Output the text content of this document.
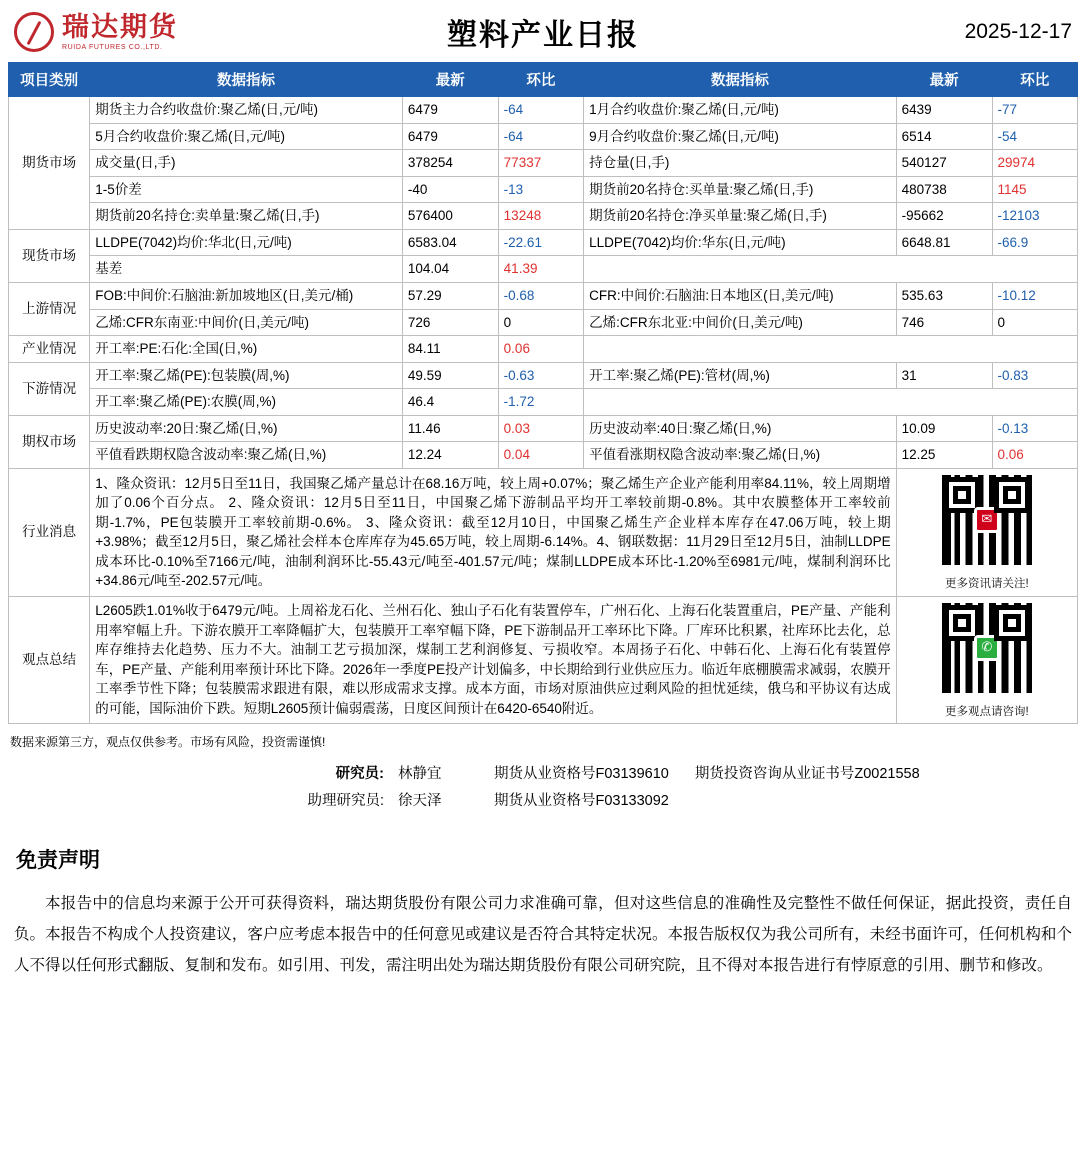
瑞达期货
RUIDA FUTURES CO.,LTD.	塑料产业日报	2025-12-17
项目类别	数据指标	最新	环比	数据指标	最新	环比
期货市场	期货主力合约收盘价:聚乙烯(日,元/吨)	6479	-64	1月合约收盘价:聚乙烯(日,元/吨)	6439	-77
	5月合约收盘价:聚乙烯(日,元/吨)	6479	-64	9月合约收盘价:聚乙烯(日,元/吨)	6514	-54
	成交量(日,手)	378254	77337	持仓量(日,手)	540127	29974
	1-5价差	-40	-13	期货前20名持仓:买单量:聚乙烯(日,手)	480738	1145
	期货前20名持仓:卖单量:聚乙烯(日,手)	576400	13248	期货前20名持仓:净买单量:聚乙烯(日,手)	-95662	-12103
现货市场	LLDPE(7042)均价:华北(日,元/吨)	6583.04	-22.61	LLDPE(7042)均价:华东(日,元/吨)	6648.81	-66.9
	基差	104.04	41.39			
上游情况	FOB:中间价:石脑油:新加坡地区(日,美元/桶)	57.29	-0.68	CFR:中间价:石脑油:日本地区(日,美元/吨)	535.63	-10.12
	乙烯:CFR东南亚:中间价(日,美元/吨)	726	0	乙烯:CFR东北亚:中间价(日,美元/吨)	746	0
产业情况	开工率:PE:石化:全国(日,%)	84.11	0.06			
下游情况	开工率:聚乙烯(PE):包装膜(周,%)	49.59	-0.63	开工率:聚乙烯(PE):管材(周,%)	31	-0.83
	开工率:聚乙烯(PE):农膜(周,%)	46.4	-1.72			
期权市场	历史波动率:20日:聚乙烯(日,%)	11.46	0.03	历史波动率:40日:聚乙烯(日,%)	10.09	-0.13
	平值看跌期权隐含波动率:聚乙烯(日,%)	12.24	0.04	平值看涨期权隐含波动率:聚乙烯(日,%)	12.25	0.06
行业消息	1、隆众资讯：12月5日至11日，我国聚乙烯产量总计在68.16万吨，较上周+0.07%；聚乙烯生产企业产能利用率84.11%，较上周期增加了0.06个百分点。 2、隆众资讯：12月5日至11日，中国聚乙烯下游制品平均开工率较前期-0.8%。其中农膜整体开工率较前期-1.7%，PE包装膜开工率较前期-0.6%。 3、隆众资讯：截至12月10日，中国聚乙烯生产企业样本库存在47.06万吨，较上期+3.98%；截至12月5日，聚乙烯社会样本仓库库存为45.65万吨，较上周期-6.14%。4、钢联数据：11月29日至12月5日，油制LLDPE成本环比-0.10%至7166元/吨，油制利润环比-55.43元/吨至-401.57元/吨；煤制LLDPE成本环比-1.20%至6981元/吨，煤制利润环比+34.86元/吨至-202.57元/吨。				✉
更多资讯请关注!	

观点总结	L2605跌1.01%收于6479元/吨。上周裕龙石化、兰州石化、独山子石化有装置停车，广州石化、上海石化装置重启，PE产量、产能利用率窄幅上升。下游农膜开工率降幅扩大，包装膜开工率窄幅下降，PE下游制品开工率环比下降。厂库环比积累，社库环比去化，总库存维持去化趋势、压力不大。油制工艺亏损加深，煤制工艺利润修复、亏损收窄。本周扬子石化、中韩石化、上海石化有装置停车，PE产量、产能利用率预计环比下降。2026年一季度PE投产计划偏多，中长期给到行业供应压力。临近年底棚膜需求减弱，农膜开工率季节性下降；包装膜需求跟进有限，难以形成需求支撑。成本方面，市场对原油供应过剩风险的担忧延续，俄乌和平协议有达成的可能，国际油价下跌。短期L2605预计偏弱震荡，日度区间预计在6420-6540附近。				✆
更多观点请咨询!	
数据来源第三方，观点仅供参考。市场有风险，投资需谨慎!
研究员: 林静宜	期货从业资格号F03139610 期货投资咨询从业证书号Z0021558
助理研究员: 徐天泽	期货从业资格号F03133092
免责声明

本报告中的信息均来源于公开可获得资料，瑞达期货股份有限公司力求准确可靠，但对这些信息的准确性及完整性不做任何保证，据此投资，责任自负。本报告不构成个人投资建议，客户应考虑本报告中的任何意见或建议是否符合其特定状况。本报告版权仅为我公司所有，未经书面许可，任何机构和个人不得以任何形式翻版、复制和发布。如引用、刊发，需注明出处为瑞达期货股份有限公司研究院，且不得对本报告进行有悖原意的引用、删节和修改。
